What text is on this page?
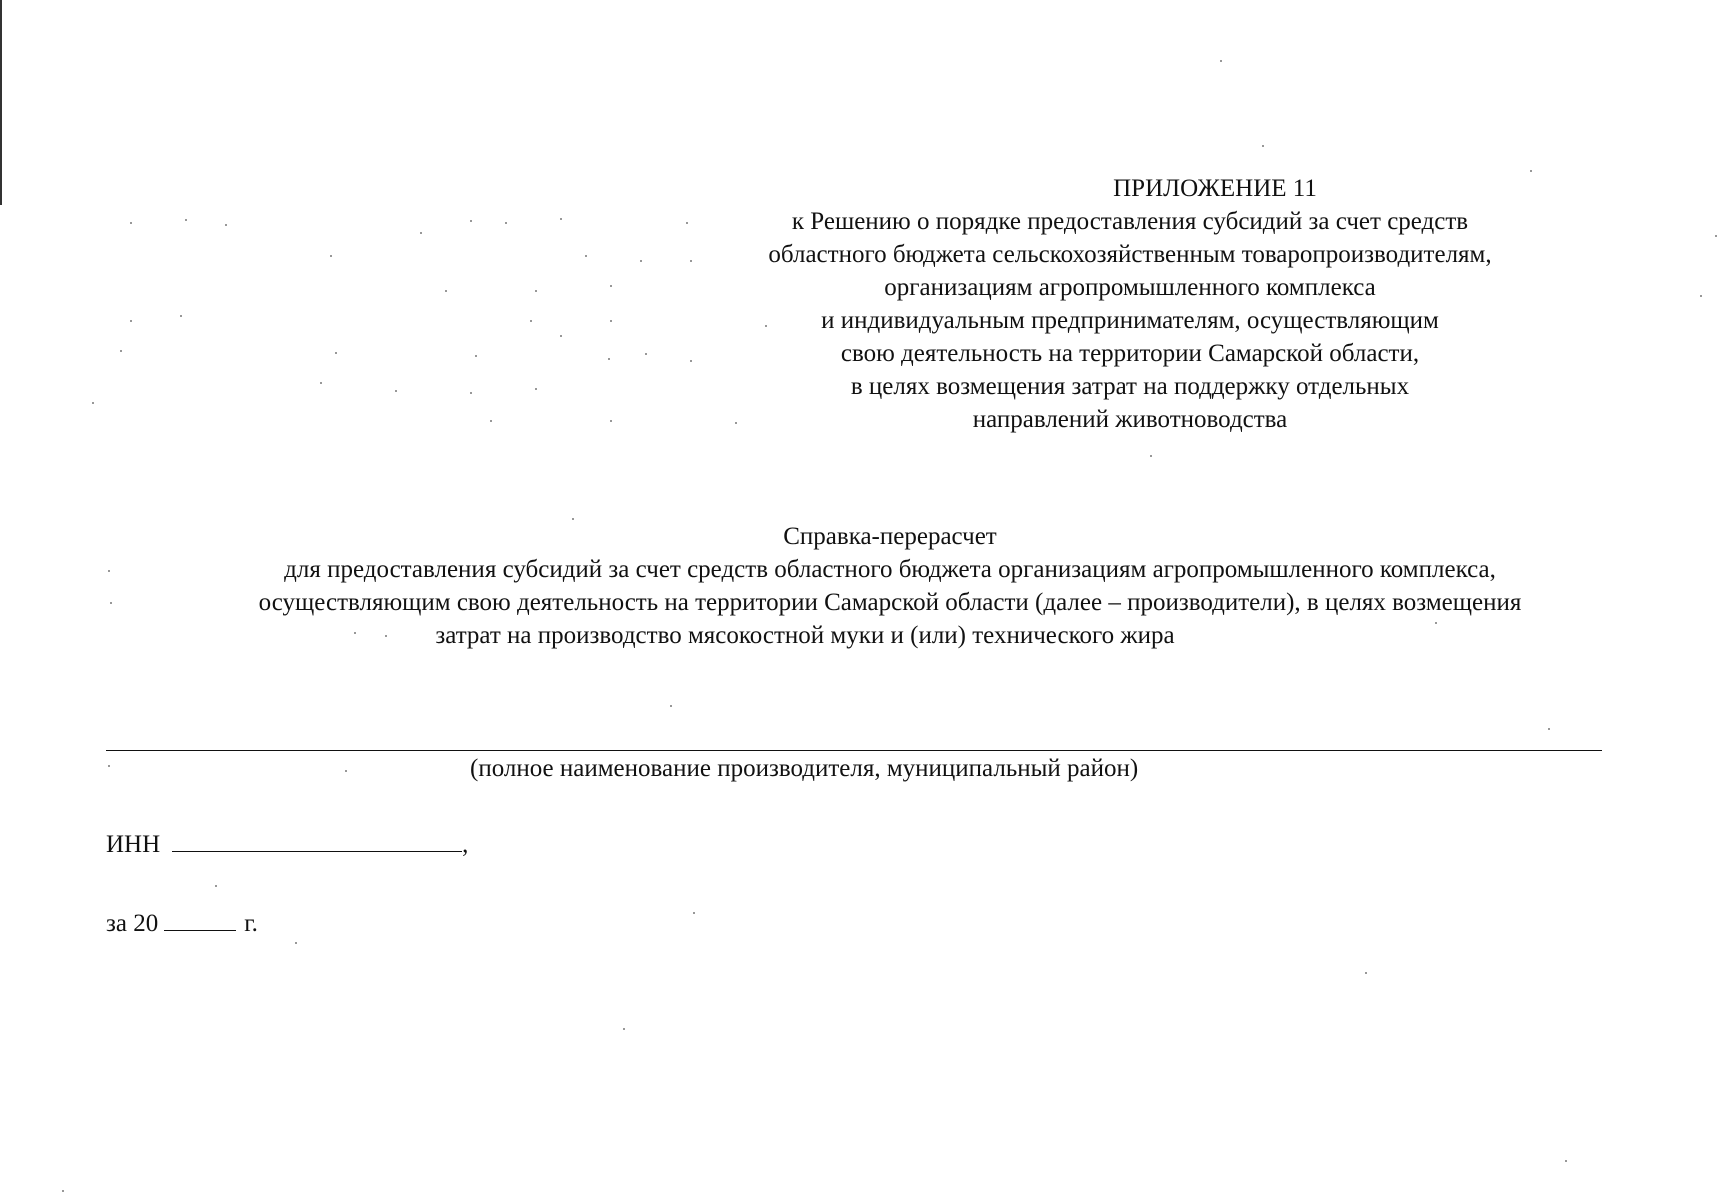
ПРИЛОЖЕНИЕ 11
к Решению о порядке предоставления субсидий за счет средств
областного бюджета сельскохозяйственным товаропроизводителям,
организациям агропромышленного комплекса
и индивидуальным предпринимателям, осуществляющим
свою деятельность на территории Самарской области,
в целях возмещения затрат на поддержку отдельных
направлений животноводства
Справка-перерасчет
для предоставления субсидий за счет средств областного бюджета организациям агропромышленного комплекса,
осуществляющим свою деятельность на территории Самарской области (далее – производители), в целях возмещения
затрат на производство мясокостной муки и (или) технического жира
(полное наименование производителя, муниципальный район)
ИНН	,
за 20	г.
